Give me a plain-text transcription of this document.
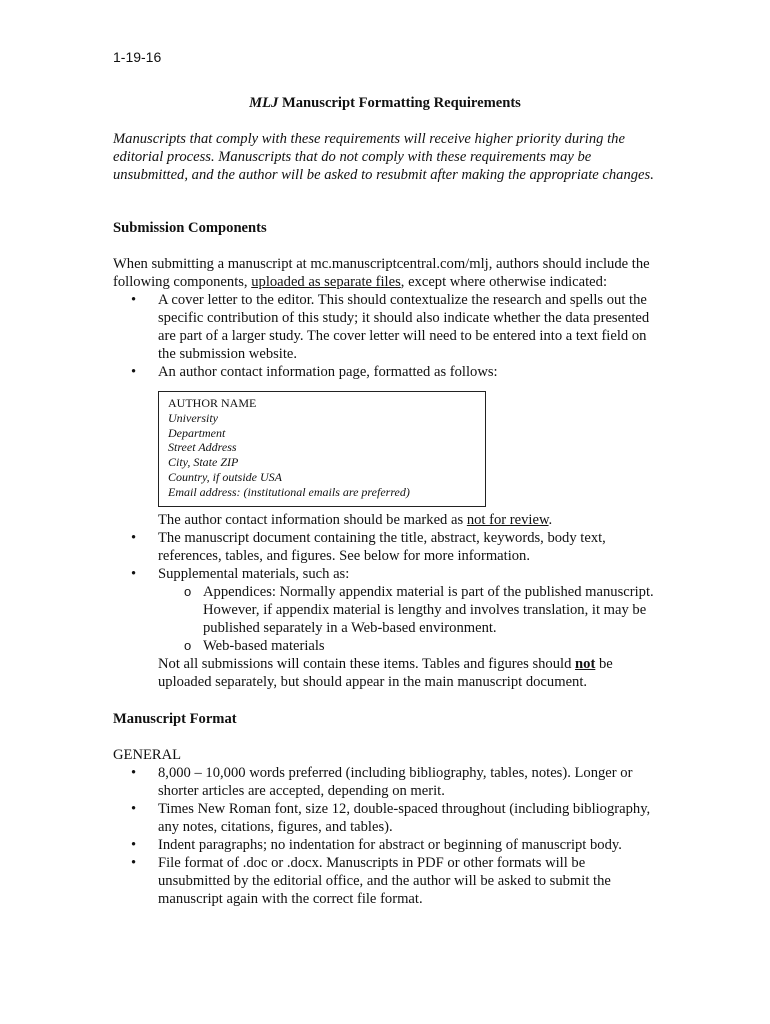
1-19-16
MLJ Manuscript Formatting Requirements
Manuscripts that comply with these requirements will receive higher priority during the editorial process. Manuscripts that do not comply with these requirements may be unsubmitted, and the author will be asked to resubmit after making the appropriate changes.
Submission Components
When submitting a manuscript at mc.manuscriptcentral.com/mlj, authors should include the following components, uploaded as separate files, except where otherwise indicated:
• A cover letter to the editor. This should contextualize the research and spells out the specific contribution of this study; it should also indicate whether the data presented are part of a larger study. The cover letter will need to be entered into a text field on the submission website.
• An author contact information page, formatted as follows:
AUTHOR NAME
University
Department
Street Address
City, State ZIP
Country, if outside USA
Email address: (institutional emails are preferred)
The author contact information should be marked as not for review.
• The manuscript document containing the title, abstract, keywords, body text, references, tables, and figures. See below for more information.
• Supplemental materials, such as:
o Appendices: Normally appendix material is part of the published manuscript. However, if appendix material is lengthy and involves translation, it may be published separately in a Web-based environment.
o Web-based materials
Not all submissions will contain these items. Tables and figures should not be uploaded separately, but should appear in the main manuscript document.
Manuscript Format
GENERAL
• 8,000 – 10,000 words preferred (including bibliography, tables, notes). Longer or shorter articles are accepted, depending on merit.
• Times New Roman font, size 12, double-spaced throughout (including bibliography, any notes, citations, figures, and tables).
• Indent paragraphs; no indentation for abstract or beginning of manuscript body.
• File format of .doc or .docx. Manuscripts in PDF or other formats will be unsubmitted by the editorial office, and the author will be asked to submit the manuscript again with the correct file format.
